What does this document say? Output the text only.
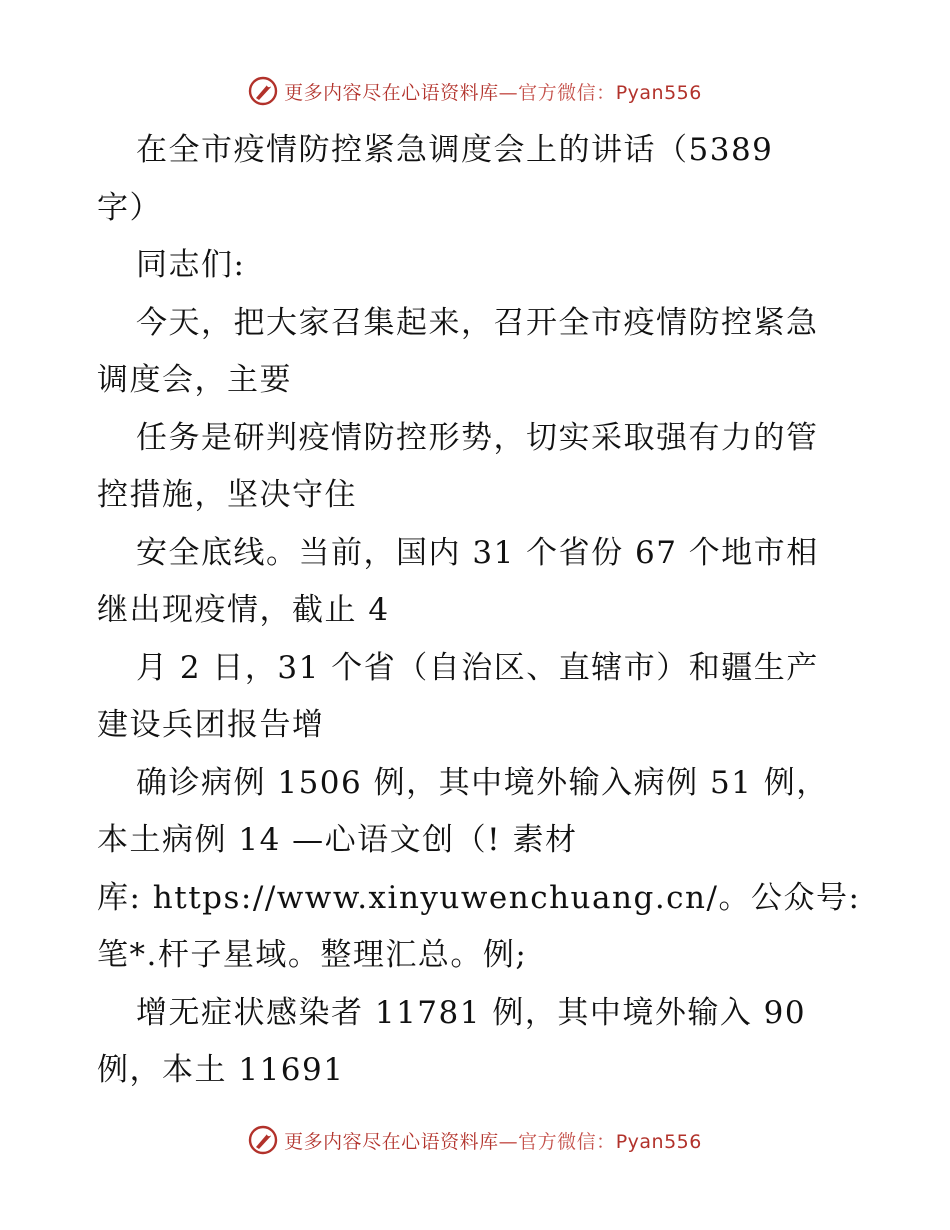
更多内容尽在心语资料库—官方微信：Pyan556

在全市疫情防控紧急调度会上的讲话（5389
字）

同志们:

今天，把大家召集起来，召开全市疫情防控紧急
调度会，主要

任务是研判疫情防控形势，切实采取强有力的管
控措施，坚决守住

安全底线。当前，国内 31 个省份 67 个地市相
继出现疫情，截止 4

月 2 日，31 个省（自治区、直辖市）和疆生产
建设兵团报告增

确诊病例 1506 例，其中境外输入病例 51 例，
本土病例 14 —心语文创（! 素材

库: https://www.xinyuwenchuang.cn/。公众号:
笔*.杆子星域。整理汇总。例;

增无症状感染者 11781 例，其中境外输入 90
例，本土 11691

更多内容尽在心语资料库—官方微信：Pyan556
